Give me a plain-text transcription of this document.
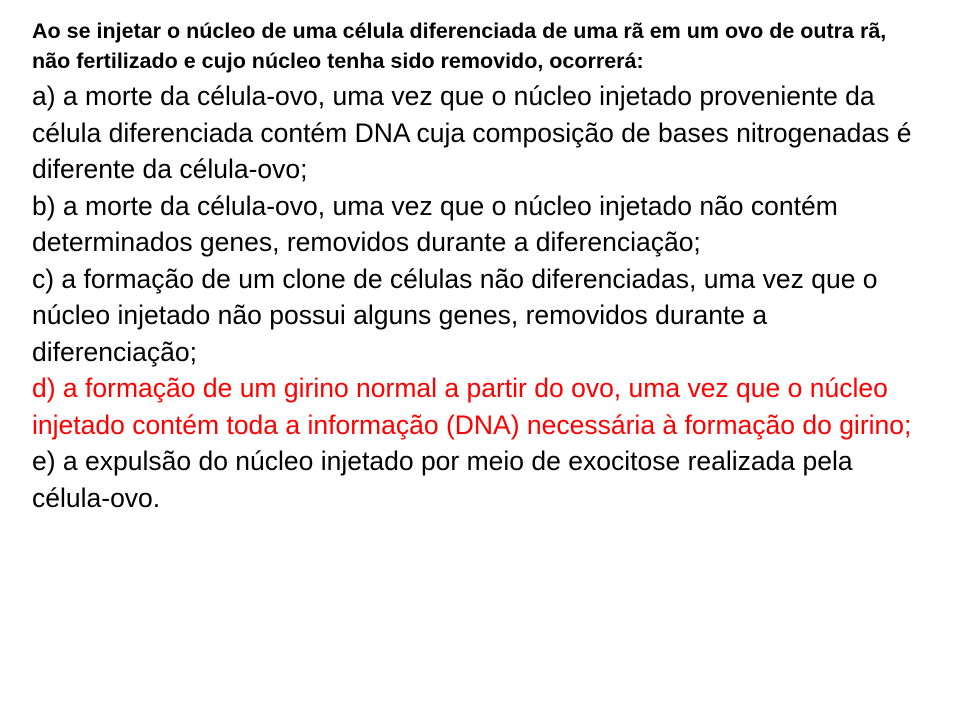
Ao se injetar o núcleo de uma célula diferenciada de uma rã em um ovo de outra rã, não fertilizado e cujo núcleo tenha sido removido, ocorrerá:

a) a morte da célula-ovo, uma vez que o núcleo injetado proveniente da célula diferenciada contém DNA cuja composição de bases nitrogenadas é diferente da célula-ovo;

b) a morte da célula-ovo, uma vez que o núcleo injetado não contém determinados genes, removidos durante a diferenciação;

c) a formação de um clone de células não diferenciadas, uma vez que o núcleo injetado não possui alguns genes, removidos durante a diferenciação;

d) a formação de um girino normal a partir do ovo, uma vez que o núcleo injetado contém toda a informação (DNA) necessária à formação do girino;

e) a expulsão do núcleo injetado por meio de exocitose realizada pela célula-ovo.
